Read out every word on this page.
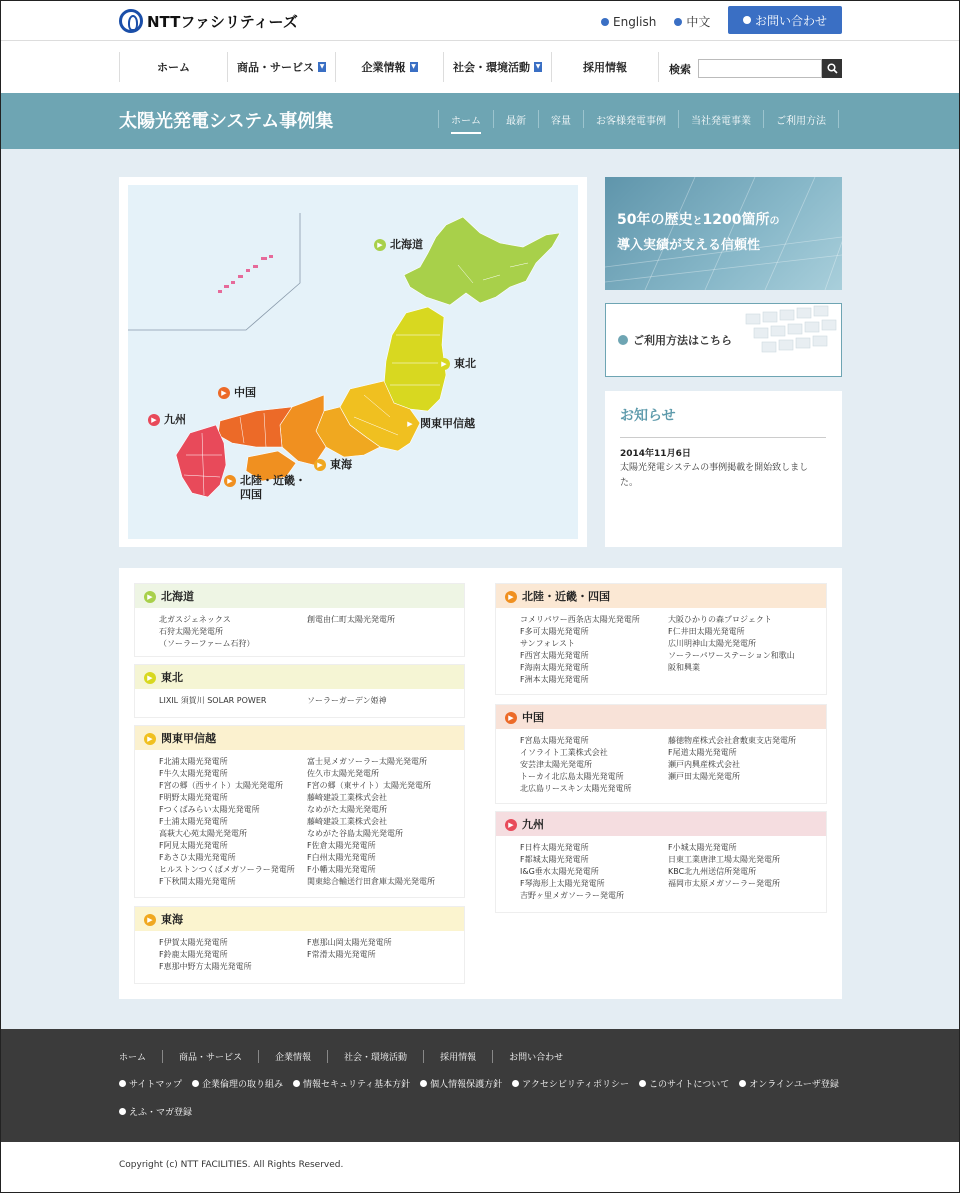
NTTファシリティーズ	English	中文	お問い合わせ
ホーム	商品・サービス ▼	企業情報 ▼	社会・環境活動 ▼	採用情報	検索
太陽光発電システム事例集	ホーム	最新	容量	お客様発電事例	当社発電事業	ご利用方法
▶ 北海道
▶ 東北
▶ 関東甲信越
▶ 東海
▶ 北陸・近畿・
四国
▶ 中国
▶ 九州
50年の歴史と1200箇所の
導入実績が支える信頼性
ご利用方法はこちら
お知らせ
2014年11月6日
太陽光発電システムの事例掲載を開始致しました。
▶ 北海道
北ガスジェネックス	創電由仁町太陽光発電所
石狩太陽光発電所
（ソーラーファーム石狩）
▶ 東北
LIXIL 須賀川 SOLAR POWER	ソーラーガーデン姫神
▶ 関東甲信越
F北浦太陽光発電所	富士見メガソーラー太陽光発電所
F牛久太陽光発電所	佐久市太陽光発電所
F宮の郷（西サイト）太陽光発電所	F宮の郷（東サイト）太陽光発電所
F明野太陽光発電所	藤崎建設工業株式会社
Fつくばみらい太陽光発電所	なめがた太陽光発電所
F土浦太陽光発電所	藤崎建設工業株式会社
高萩大心苑太陽光発電所	なめがた谷島太陽光発電所
F阿見太陽光発電所	F佐倉太陽光発電所
Fあさひ太陽光発電所	F白州太陽光発電所
ヒルストンつくばメガソーラー発電所	F小幡太陽光発電所
F下秋間太陽光発電所	関東総合輸送行田倉庫太陽光発電所
▶ 東海
F伊賀太陽光発電所	F恵那山岡太陽光発電所
F鈴鹿太陽光発電所	F常滑太陽光発電所
F恵那中野方太陽光発電所
▶ 北陸・近畿・四国
コメリパワー西条店太陽光発電所	大阪ひかりの森プロジェクト
F多可太陽光発電所	F仁井田太陽光発電所
サンフォレスト	広川明神山太陽光発電所
F西宮太陽光発電所	ソーラーパワーステーション和歌山
F海南太陽光発電所	阪和興業
F洲本太陽光発電所
▶ 中国
F宮島太陽光発電所	藤徳物産株式会社倉敷東支店発電所
イソライト工業株式会社	F尾道太陽光発電所
安芸津太陽光発電所	瀬戸内興産株式会社
トーカイ北広島太陽光発電所	瀬戸田太陽光発電所
北広島リースキン太陽光発電所
▶ 九州
F日杵太陽光発電所	F小城太陽光発電所
F都城太陽光発電所	日東工業唐津工場太陽光発電所
I&G垂水太陽光発電所	KBC北九州送信所発電所
F琴海形上太陽光発電所	福岡市太原メガソーラー発電所
吉野ヶ里メガソーラー発電所
ホーム	商品・サービス	企業情報	社会・環境活動	採用情報	お問い合わせ
サイトマップ 企業倫理の取り組み 情報セキュリティ基本方針 個人情報保護方針 アクセシビリティポリシー このサイトについて オンラインユーザ登録
えふ・マガ登録
Copyright (c) NTT FACILITIES. All Rights Reserved.
